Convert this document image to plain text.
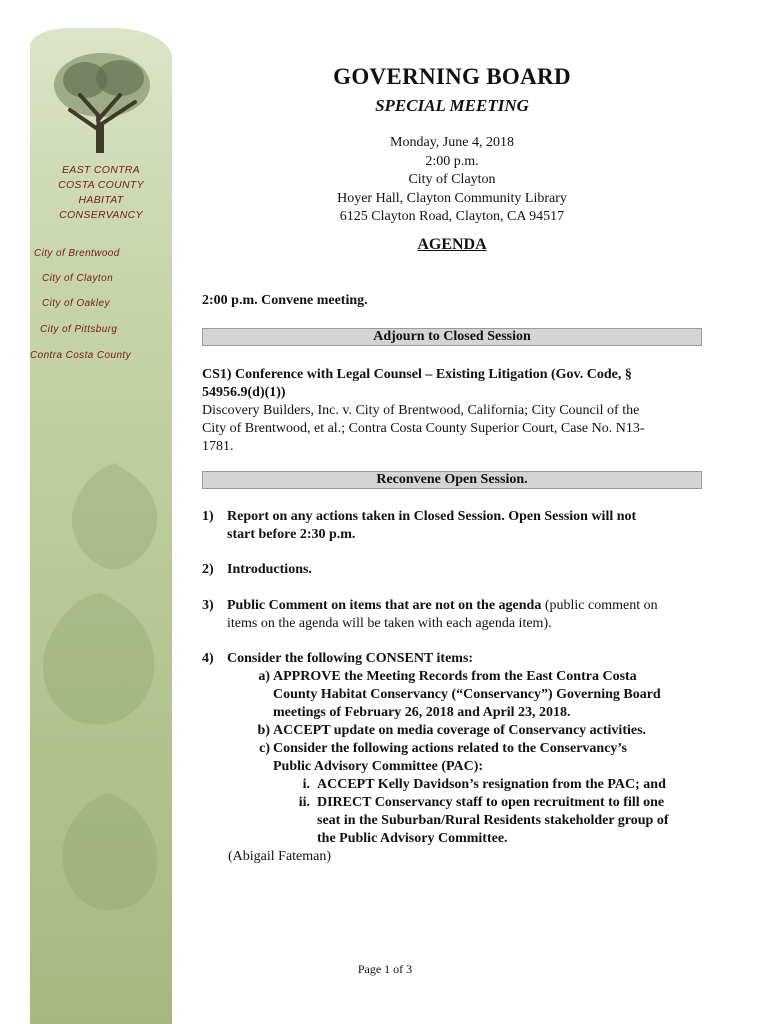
EAST CONTRA
COSTA COUNTY
HABITAT
CONSERVANCY
City of Brentwood
City of Clayton
City of Oakley
City of Pittsburg
Contra Costa County
GOVERNING BOARD
SPECIAL MEETING
Monday, June 4, 2018
2:00 p.m.
City of Clayton
Hoyer Hall, Clayton Community Library
6125 Clayton Road, Clayton, CA 94517
AGENDA
2:00 p.m. Convene meeting.
Adjourn to Closed Session
CS1) Conference with Legal Counsel – Existing Litigation (Gov. Code, §
54956.9(d)(1))
Discovery Builders, Inc. v. City of Brentwood, California; City Council of the
City of Brentwood, et al.; Contra Costa County Superior Court, Case No. N13-
1781.
Reconvene Open Session.
1) Report on any actions taken in Closed Session. Open Session will not
start before 2:30 p.m.
2) Introductions.
3) Public Comment on items that are not on the agenda (public comment on
items on the agenda will be taken with each agenda item).
4) Consider the following CONSENT items:
a) APPROVE the Meeting Records from the East Contra Costa
County Habitat Conservancy (“Conservancy”) Governing Board
meetings of February 26, 2018 and April 23, 2018.
b) ACCEPT update on media coverage of Conservancy activities.
c) Consider the following actions related to the Conservancy’s
Public Advisory Committee (PAC):
i. ACCEPT Kelly Davidson’s resignation from the PAC; and
ii. DIRECT Conservancy staff to open recruitment to fill one
seat in the Suburban/Rural Residents stakeholder group of
the Public Advisory Committee.
(Abigail Fateman)
Page 1 of 3
